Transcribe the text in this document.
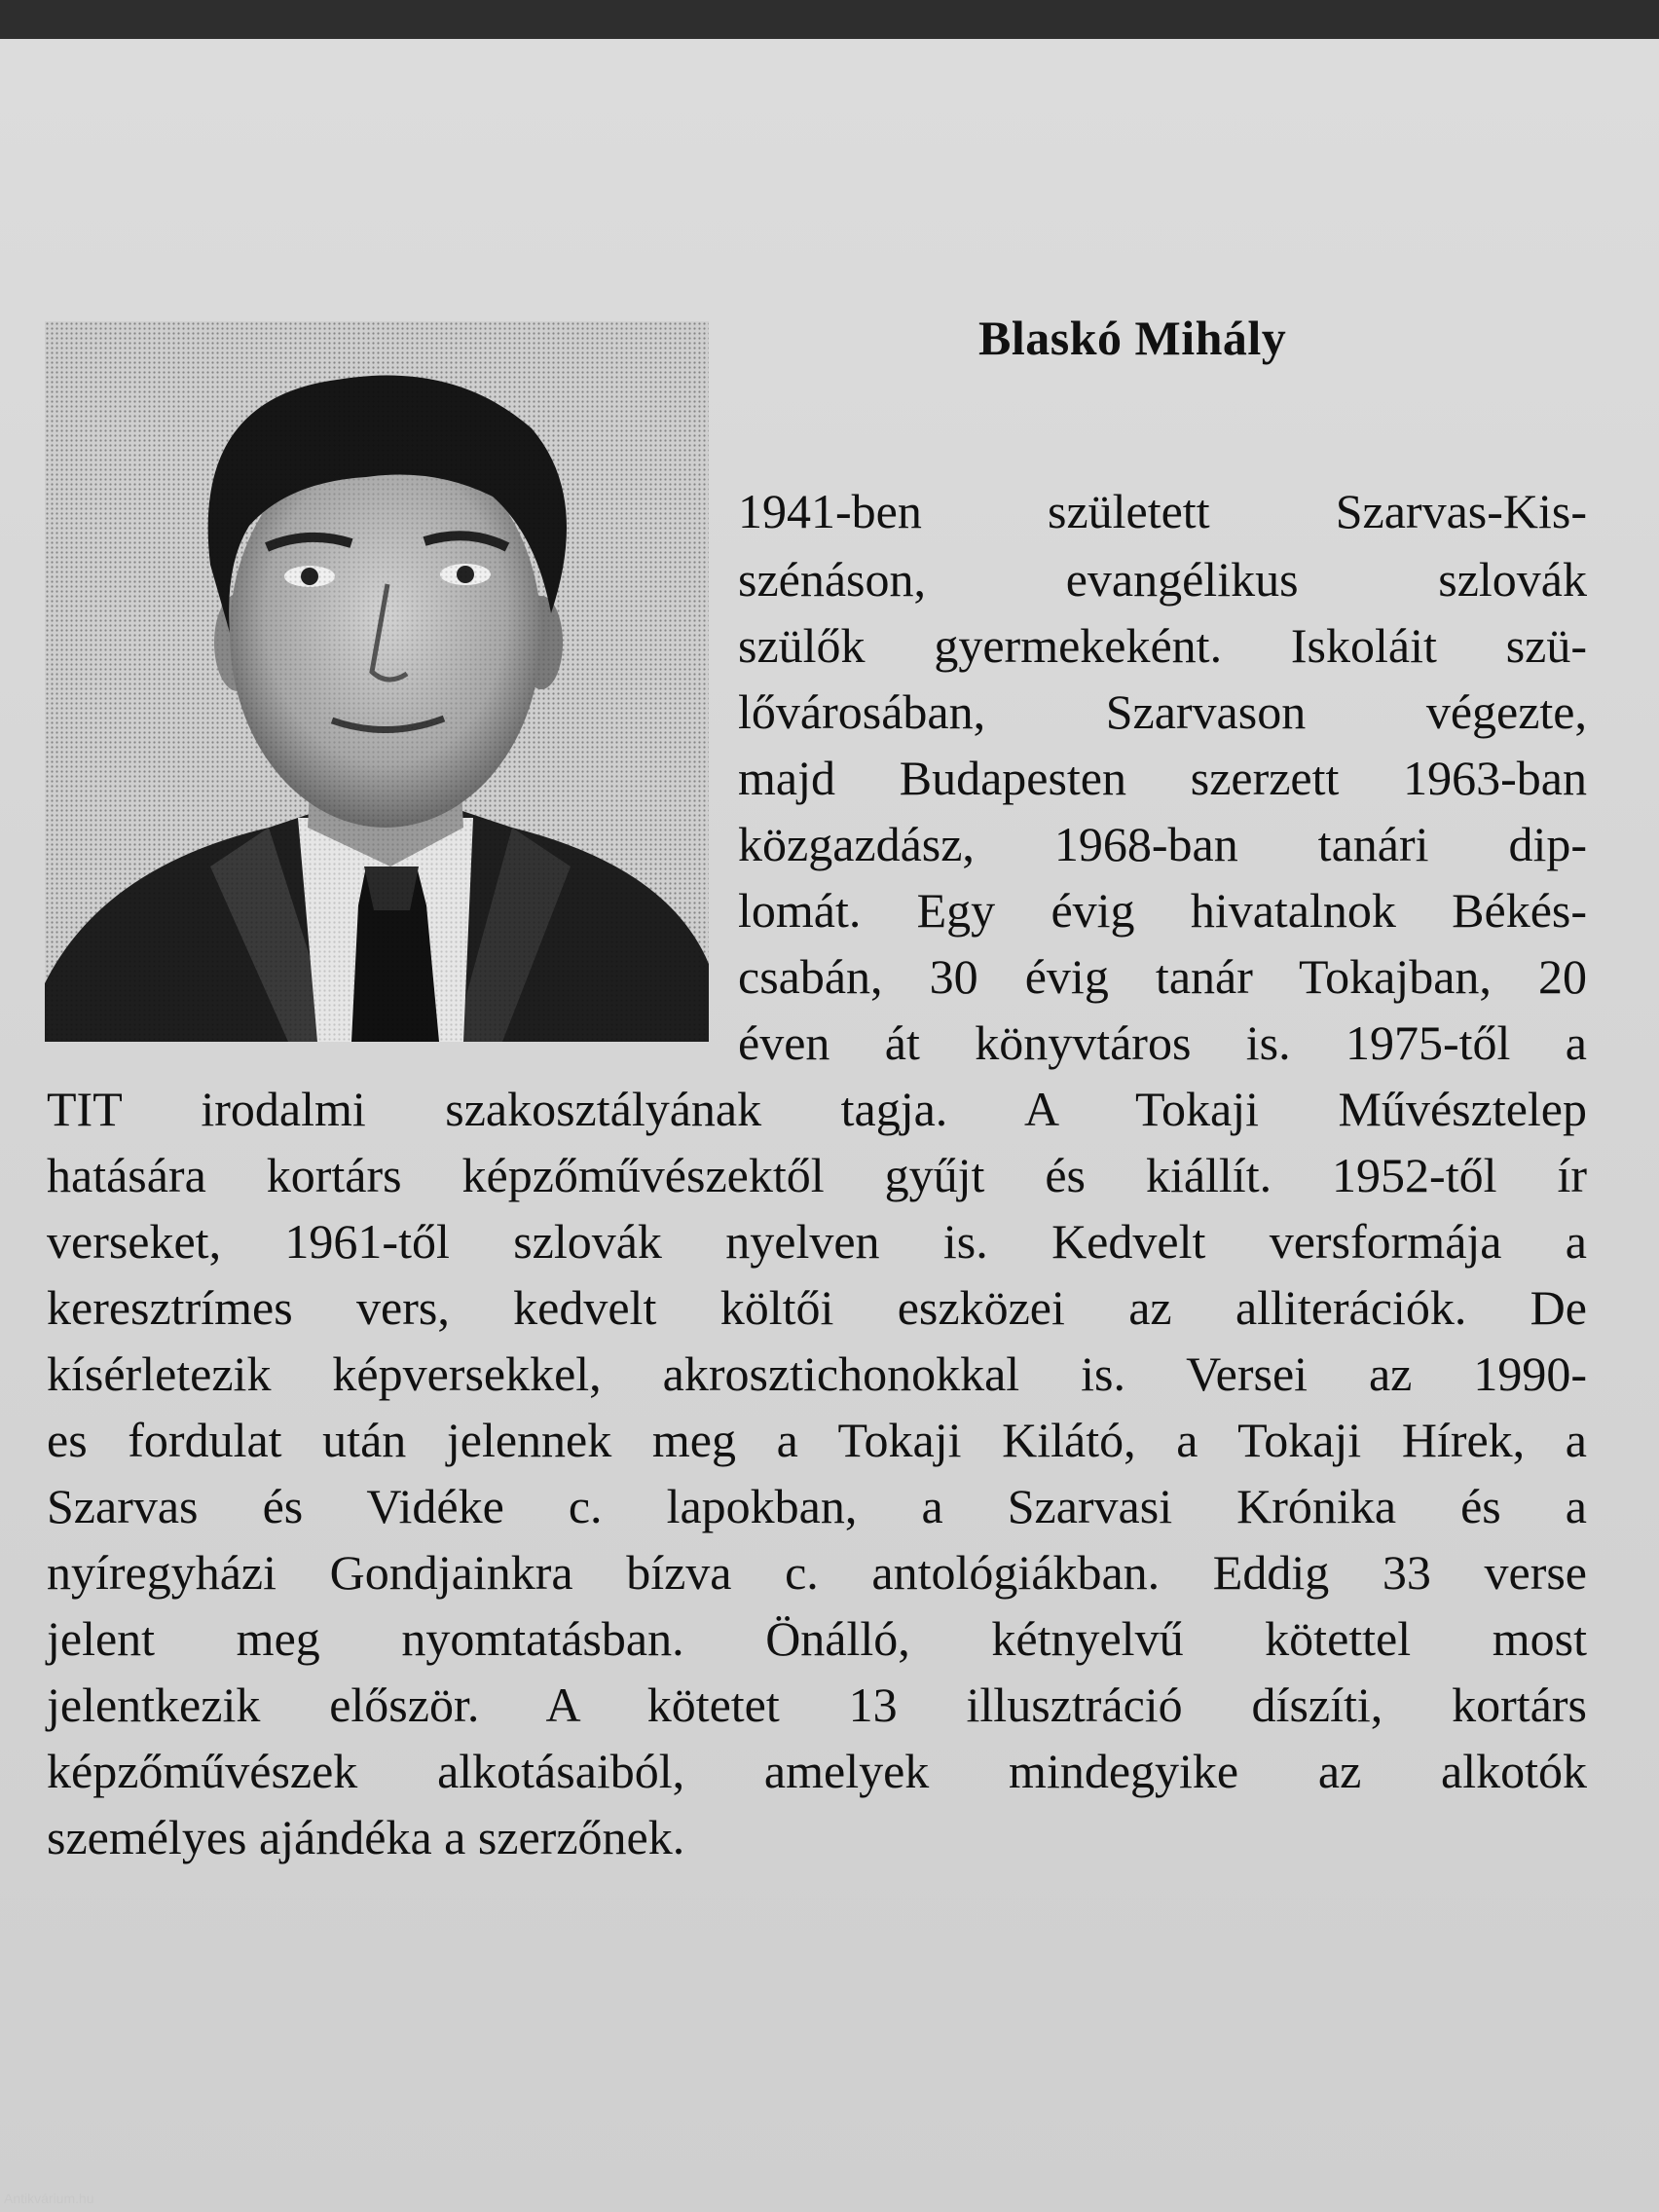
Blaskó Mihály
1941-ben született Szarvas-Kis-
szénáson, evangélikus szlovák
szülők gyermekeként. Iskoláit szü-
lővárosában, Szarvason végezte,
majd Budapesten szerzett 1963-ban
közgazdász, 1968-ban tanári dip-
lomát. Egy évig hivatalnok Békés-
csabán, 30 évig tanár Tokajban, 20
éven át könyvtáros is. 1975-től a
TIT irodalmi szakosztályának tagja. A Tokaji Művésztelep
hatására kortárs képzőművészektől gyűjt és kiállít. 1952-től ír
verseket, 1961-től szlovák nyelven is. Kedvelt versformája a
keresztrímes vers, kedvelt költői eszközei az alliterációk. De
kísérletezik képversekkel, akrosztichonokkal is. Versei az 1990-
es fordulat után jelennek meg a Tokaji Kilátó, a Tokaji Hírek, a
Szarvas és Vidéke c. lapokban, a Szarvasi Krónika és a
nyíregyházi Gondjainkra bízva c. antológiákban. Eddig 33 verse
jelent meg nyomtatásban. Önálló, kétnyelvű kötettel most
jelentkezik először. A kötetet 13 illusztráció díszíti, kortárs
képzőművészek alkotásaiból, amelyek mindegyike az alkotók
személyes ajándéka a szerzőnek.
Antikvárium.hu
